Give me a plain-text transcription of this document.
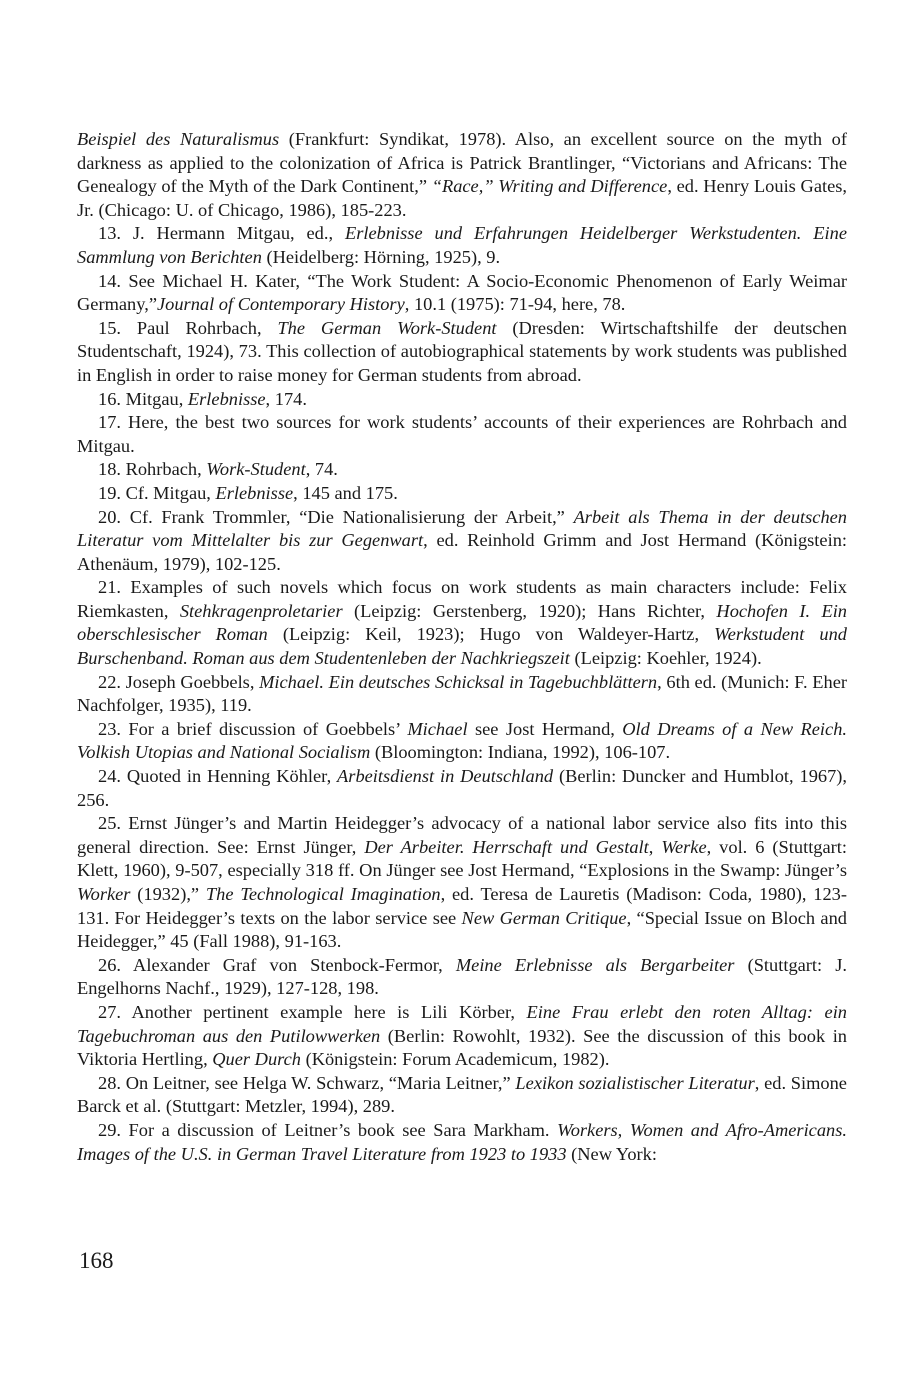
Beispiel des Naturalismus (Frankfurt: Syndikat, 1978). Also, an excellent source on the myth of darkness as applied to the colonization of Africa is Patrick Brantlinger, “Victorians and Africans: The Genealogy of the Myth of the Dark Continent,” “Race,” Writing and Difference, ed. Henry Louis Gates, Jr. (Chicago: U. of Chicago, 1986), 185-223.

13. J. Hermann Mitgau, ed., Erlebnisse und Erfahrungen Heidelberger Werkstudenten. Eine Sammlung von Berichten (Heidelberg: Hörning, 1925), 9.

14. See Michael H. Kater, “The Work Student: A Socio-Economic Phenomenon of Early Weimar Germany,”Journal of Contemporary History, 10.1 (1975): 71-94, here, 78.

15. Paul Rohrbach, The German Work-Student (Dresden: Wirtschaftshilfe der deutschen Studentschaft, 1924), 73. This collection of autobiographical statements by work students was published in English in order to raise money for German students from abroad.

16. Mitgau, Erlebnisse, 174.

17. Here, the best two sources for work students’ accounts of their experiences are Rohrbach and Mitgau.

18. Rohrbach, Work-Student, 74.

19. Cf. Mitgau, Erlebnisse, 145 and 175.

20. Cf. Frank Trommler, “Die Nationalisierung der Arbeit,” Arbeit als Thema in der deutschen Literatur vom Mittelalter bis zur Gegenwart, ed. Reinhold Grimm and Jost Hermand (Königstein: Athenäum, 1979), 102-125.

21. Examples of such novels which focus on work students as main characters include: Felix Riemkasten, Stehkragenproletarier (Leipzig: Gerstenberg, 1920); Hans Richter, Hochofen I. Ein oberschlesischer Roman (Leipzig: Keil, 1923); Hugo von Waldeyer-Hartz, Werkstudent und Burschenband. Roman aus dem Studentenleben der Nachkriegszeit (Leipzig: Koehler, 1924).

22. Joseph Goebbels, Michael. Ein deutsches Schicksal in Tagebuchblättern, 6th ed. (Munich: F. Eher Nachfolger, 1935), 119.

23. For a brief discussion of Goebbels’ Michael see Jost Hermand, Old Dreams of a New Reich. Volkish Utopias and National Socialism (Bloomington: Indiana, 1992), 106-107.

24. Quoted in Henning Köhler, Arbeitsdienst in Deutschland (Berlin: Duncker and Humblot, 1967), 256.

25. Ernst Jünger’s and Martin Heidegger’s advocacy of a national labor service also fits into this general direction. See: Ernst Jünger, Der Arbeiter. Herrschaft und Gestalt, Werke, vol. 6 (Stuttgart: Klett, 1960), 9-507, especially 318 ff. On Jünger see Jost Hermand, “Explosions in the Swamp: Jünger’s Worker (1932),” The Technological Imagination, ed. Teresa de Lauretis (Madison: Coda, 1980), 123-131. For Heidegger’s texts on the labor service see New German Critique, “Special Issue on Bloch and Heidegger,” 45 (Fall 1988), 91-163.

26. Alexander Graf von Stenbock-Fermor, Meine Erlebnisse als Bergarbeiter (Stuttgart: J. Engelhorns Nachf., 1929), 127-128, 198.

27. Another pertinent example here is Lili Körber, Eine Frau erlebt den roten Alltag: ein Tagebuchroman aus den Putilowwerken (Berlin: Rowohlt, 1932). See the discussion of this book in Viktoria Hertling, Quer Durch (Königstein: Forum Academicum, 1982).

28. On Leitner, see Helga W. Schwarz, “Maria Leitner,” Lexikon sozialistischer Literatur, ed. Simone Barck et al. (Stuttgart: Metzler, 1994), 289.

29. For a discussion of Leitner’s book see Sara Markham. Workers, Women and Afro-Americans. Images of the U.S. in German Travel Literature from 1923 to 1933 (New York:

168
